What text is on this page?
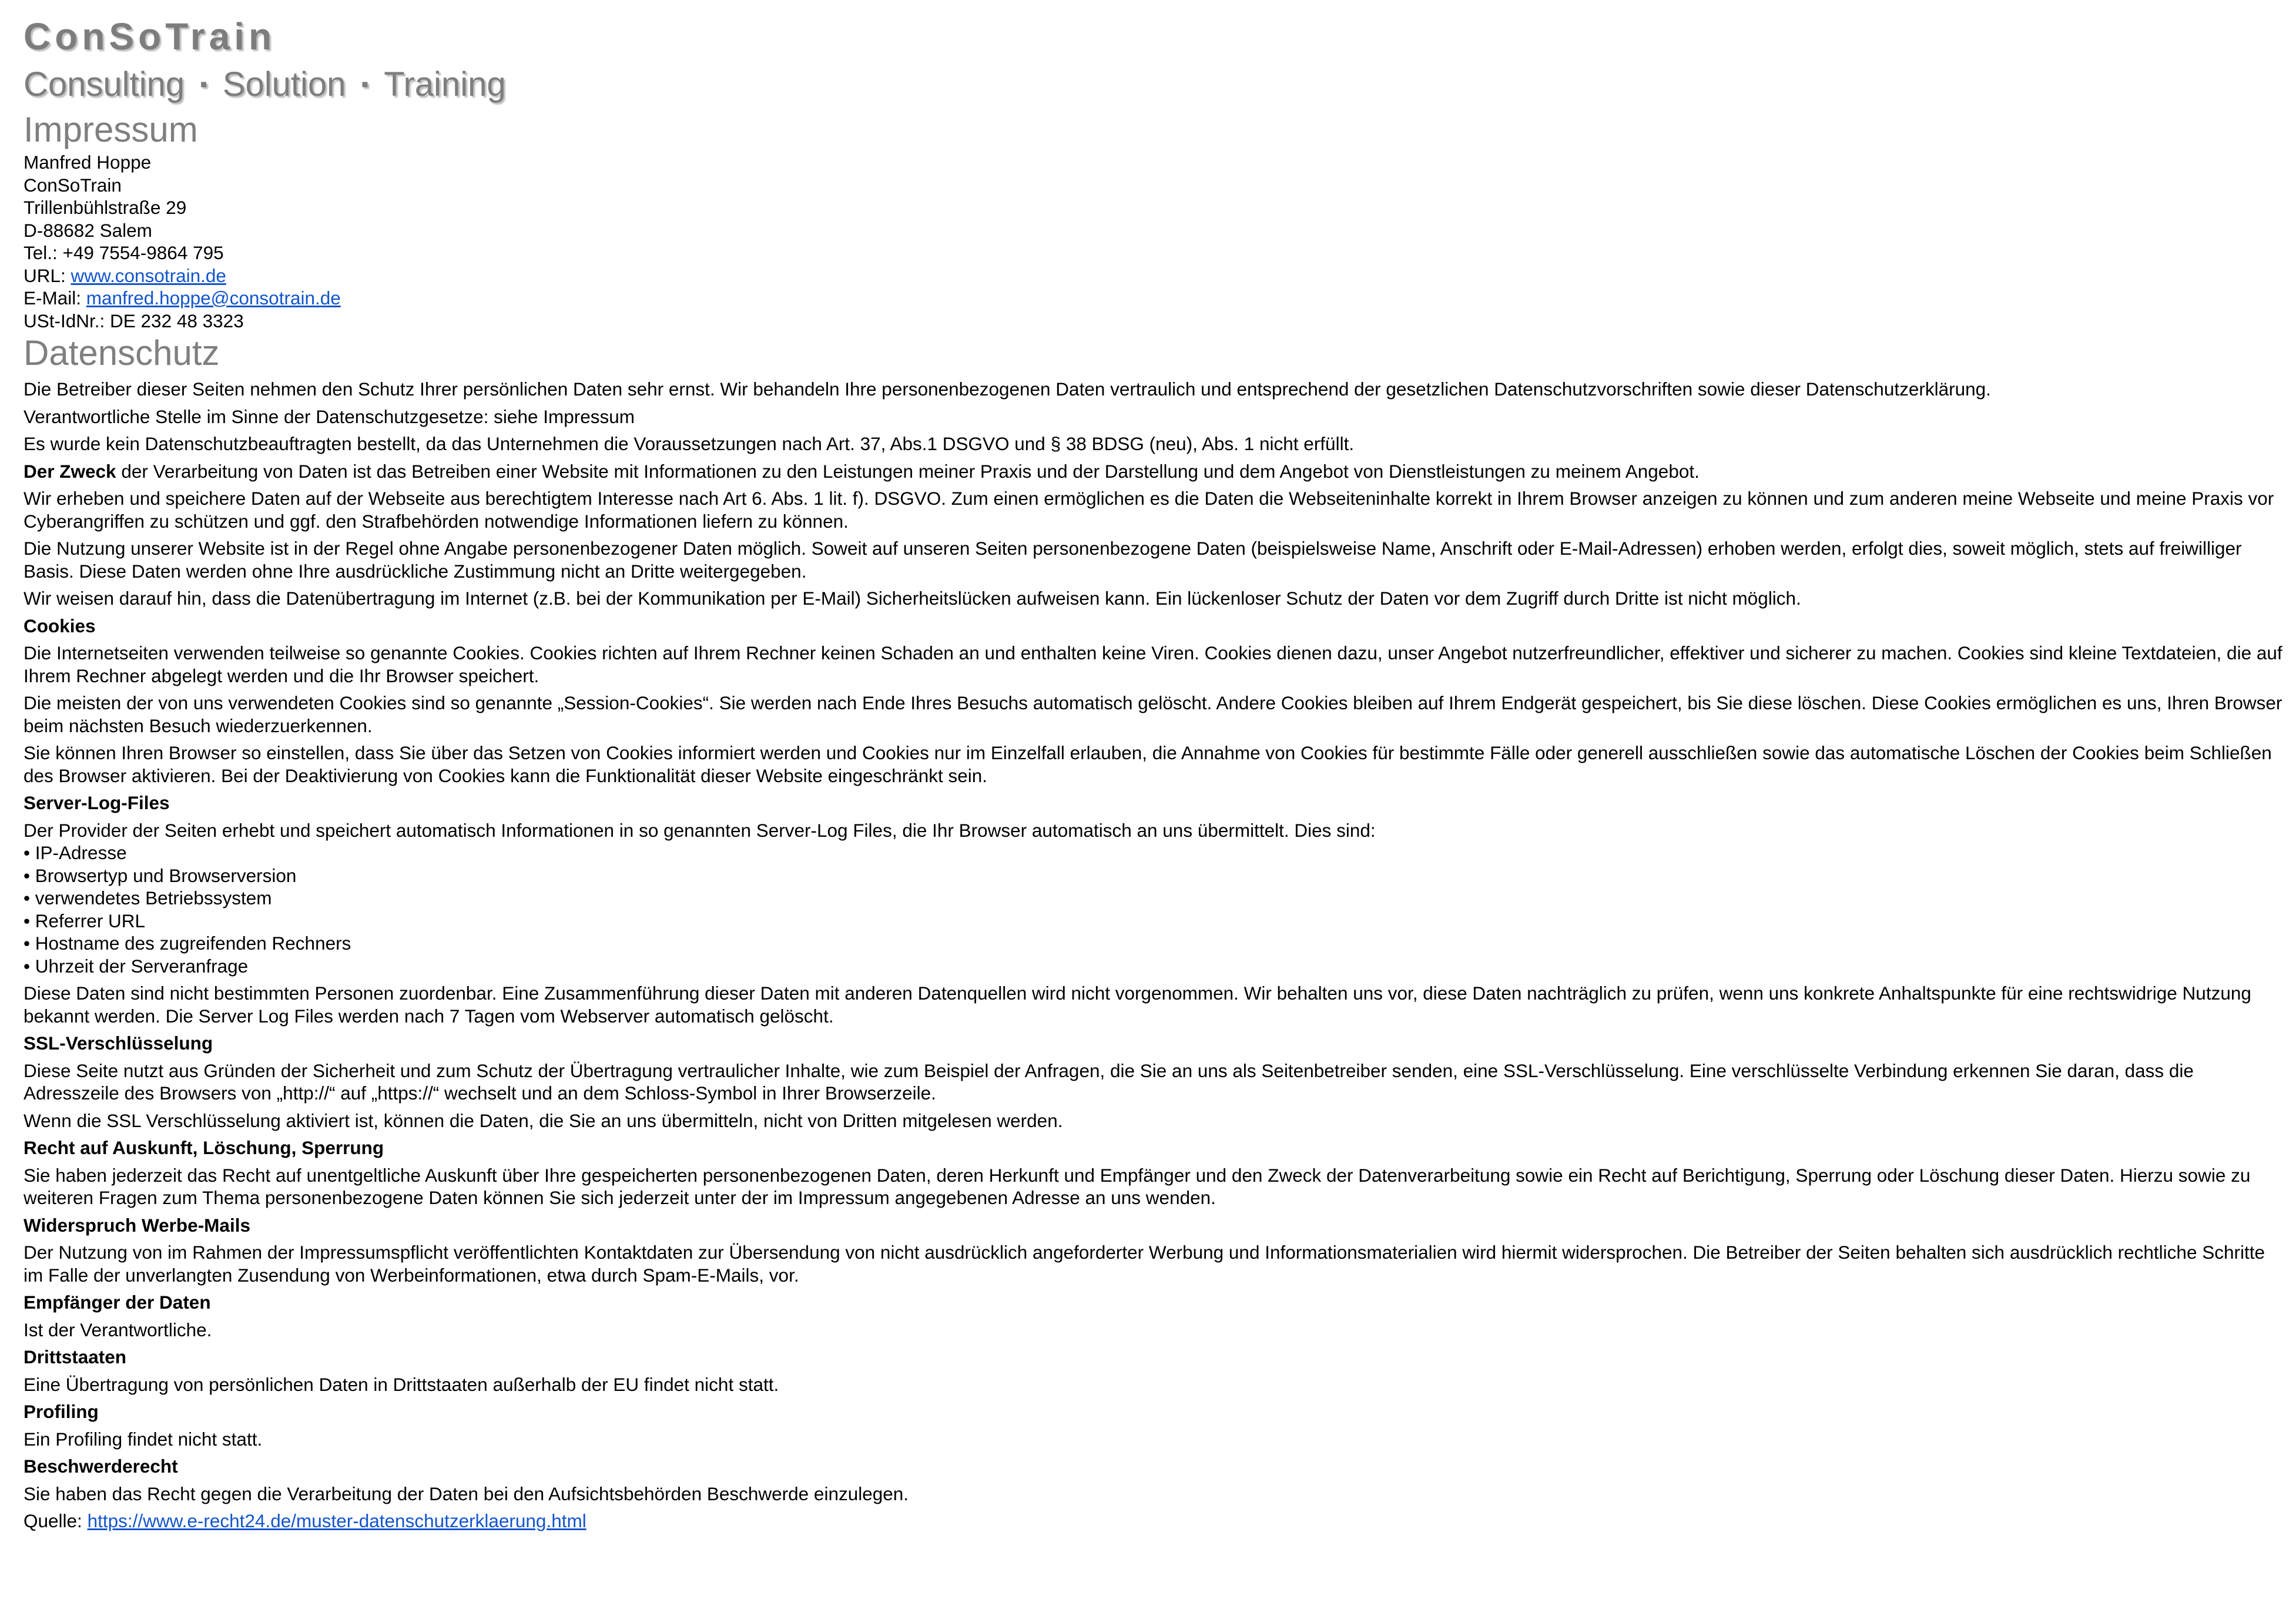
ConSoTrain
Consulting ▪ Solution ▪ Training
Impressum
Manfred Hoppe
ConSoTrain
Trillenbühlstraße 29
D-88682 Salem
Tel.: +49 7554-9864 795
URL: www.consotrain.de
E-Mail: manfred.hoppe@consotrain.de
USt-IdNr.: DE 232 48 3323
Datenschutz

Die Betreiber dieser Seiten nehmen den Schutz Ihrer persönlichen Daten sehr ernst. Wir behandeln Ihre personenbezogenen Daten vertraulich und entsprechend der gesetzlichen Datenschutzvorschriften sowie dieser Datenschutzerklärung.

Verantwortliche Stelle im Sinne der Datenschutzgesetze: siehe Impressum

Es wurde kein Datenschutzbeauftragten bestellt, da das Unternehmen die Voraussetzungen nach Art. 37, Abs.1 DSGVO und § 38 BDSG (neu), Abs. 1 nicht erfüllt.

Der Zweck der Verarbeitung von Daten ist das Betreiben einer Website mit Informationen zu den Leistungen meiner Praxis und der Darstellung und dem Angebot von Dienstleistungen zu meinem Angebot.

Wir erheben und speichere Daten auf der Webseite aus berechtigtem Interesse nach Art 6. Abs. 1 lit. f). DSGVO. Zum einen ermöglichen es die Daten die Webseiteninhalte korrekt in Ihrem Browser anzeigen zu können und zum anderen meine Webseite und meine Praxis vor Cyberangriffen zu schützen und ggf. den Strafbehörden notwendige Informationen liefern zu können.

Die Nutzung unserer Website ist in der Regel ohne Angabe personenbezogener Daten möglich. Soweit auf unseren Seiten personenbezogene Daten (beispielsweise Name, Anschrift oder E-Mail-Adressen) erhoben werden, erfolgt dies, soweit möglich, stets auf freiwilliger Basis. Diese Daten werden ohne Ihre ausdrückliche Zustimmung nicht an Dritte weitergegeben.

Wir weisen darauf hin, dass die Datenübertragung im Internet (z.B. bei der Kommunikation per E-Mail) Sicherheitslücken aufweisen kann. Ein lückenloser Schutz der Daten vor dem Zugriff durch Dritte ist nicht möglich.

Cookies

Die Internetseiten verwenden teilweise so genannte Cookies. Cookies richten auf Ihrem Rechner keinen Schaden an und enthalten keine Viren. Cookies dienen dazu, unser Angebot nutzerfreundlicher, effektiver und sicherer zu machen. Cookies sind kleine Textdateien, die auf Ihrem Rechner abgelegt werden und die Ihr Browser speichert.

Die meisten der von uns verwendeten Cookies sind so genannte „Session-Cookies“. Sie werden nach Ende Ihres Besuchs automatisch gelöscht. Andere Cookies bleiben auf Ihrem Endgerät gespeichert, bis Sie diese löschen. Diese Cookies ermöglichen es uns, Ihren Browser beim nächsten Besuch wiederzuerkennen.

Sie können Ihren Browser so einstellen, dass Sie über das Setzen von Cookies informiert werden und Cookies nur im Einzelfall erlauben, die Annahme von Cookies für bestimmte Fälle oder generell ausschließen sowie das automatische Löschen der Cookies beim Schließen des Browser aktivieren. Bei der Deaktivierung von Cookies kann die Funktionalität dieser Website eingeschränkt sein.

Server-Log-Files

Der Provider der Seiten erhebt und speichert automatisch Informationen in so genannten Server-Log Files, die Ihr Browser automatisch an uns übermittelt. Dies sind:

• IP-Adresse

• Browsertyp und Browserversion

• verwendetes Betriebssystem

• Referrer URL

• Hostname des zugreifenden Rechners

• Uhrzeit der Serveranfrage

Diese Daten sind nicht bestimmten Personen zuordenbar. Eine Zusammenführung dieser Daten mit anderen Datenquellen wird nicht vorgenommen. Wir behalten uns vor, diese Daten nachträglich zu prüfen, wenn uns konkrete Anhaltspunkte für eine rechtswidrige Nutzung bekannt werden. Die Server Log Files werden nach 7 Tagen vom Webserver automatisch gelöscht.

SSL-Verschlüsselung

Diese Seite nutzt aus Gründen der Sicherheit und zum Schutz der Übertragung vertraulicher Inhalte, wie zum Beispiel der Anfragen, die Sie an uns als Seitenbetreiber senden, eine SSL-Verschlüsselung. Eine verschlüsselte Verbindung erkennen Sie daran, dass die Adresszeile des Browsers von „http://“ auf „https://“ wechselt und an dem Schloss-Symbol in Ihrer Browserzeile.

Wenn die SSL Verschlüsselung aktiviert ist, können die Daten, die Sie an uns übermitteln, nicht von Dritten mitgelesen werden.

Recht auf Auskunft, Löschung, Sperrung

Sie haben jederzeit das Recht auf unentgeltliche Auskunft über Ihre gespeicherten personenbezogenen Daten, deren Herkunft und Empfänger und den Zweck der Datenverarbeitung sowie ein Recht auf Berichtigung, Sperrung oder Löschung dieser Daten. Hierzu sowie zu weiteren Fragen zum Thema personenbezogene Daten können Sie sich jederzeit unter der im Impressum angegebenen Adresse an uns wenden.

Widerspruch Werbe-Mails

Der Nutzung von im Rahmen der Impressumspflicht veröffentlichten Kontaktdaten zur Übersendung von nicht ausdrücklich angeforderter Werbung und Informationsmaterialien wird hiermit widersprochen. Die Betreiber der Seiten behalten sich ausdrücklich rechtliche Schritte im Falle der unverlangten Zusendung von Werbeinformationen, etwa durch Spam-E-Mails, vor.

Empfänger der Daten

Ist der Verantwortliche.

Drittstaaten

Eine Übertragung von persönlichen Daten in Drittstaaten außerhalb der EU findet nicht statt.

Profiling

Ein Profiling findet nicht statt.

Beschwerderecht

Sie haben das Recht gegen die Verarbeitung der Daten bei den Aufsichtsbehörden Beschwerde einzulegen.

Quelle: https://www.e-recht24.de/muster-datenschutzerklaerung.html
